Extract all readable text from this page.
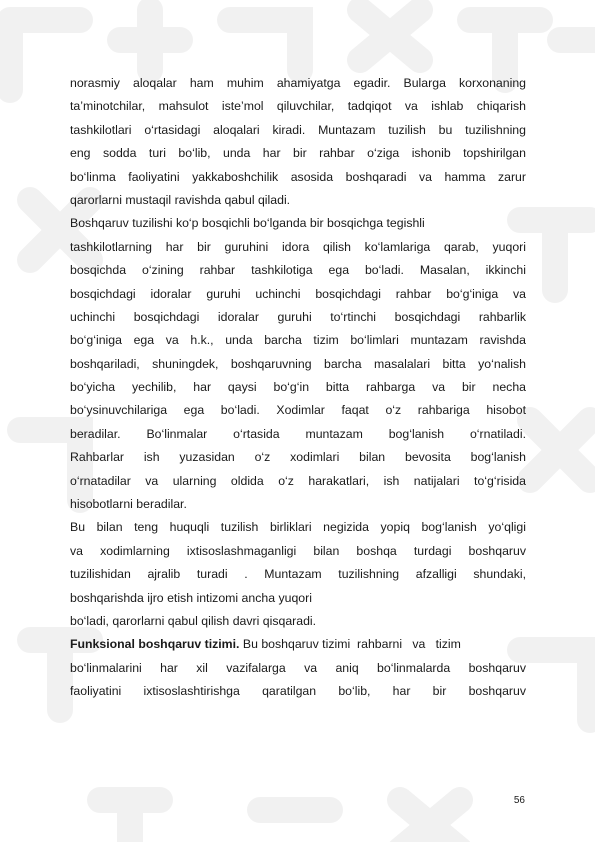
norasmiy aloqalar ham muhim ahamiyatga egadir. Bularga korxonaning
ta’minotchilar, mahsulot iste’mol qiluvchilar, tadqiqot va ishlab chiqarish
tashkilotlari o‘rtasidagi aloqalari kiradi. Muntazam tuzilish bu tuzilishning
eng sodda turi bo‘lib, unda har bir rahbar o‘ziga ishonib topshirilgan
bo‘linma faoliyatini yakkaboshchilik asosida boshqaradi va hamma zarur
qarorlarni mustaqil ravishda qabul qiladi.
Boshqaruv tuzilishi ko‘p bosqichli bo‘lganda bir bosqichga tegishli
tashkilotlarning har bir guruhini idora qilish ko‘lamlariga qarab, yuqori
bosqichda o‘zining rahbar tashkilotiga ega bo‘ladi. Masalan, ikkinchi
bosqichdagi idoralar guruhi uchinchi bosqichdagi rahbar bo‘g‘iniga va
uchinchi bosqichdagi idoralar guruhi to‘rtinchi bosqichdagi rahbarlik
bo‘g‘iniga ega va h.k., unda barcha tizim bo‘limlari muntazam ravishda
boshqariladi, shuningdek, boshqaruvning barcha masalalari bitta yo‘nalish
bo‘yicha yechilib, har qaysi bo‘g‘in bitta rahbarga va bir necha
bo‘ysinuvchilariga ega bo‘ladi. Xodimlar faqat o‘z rahbariga hisobot
beradilar. Bo‘linmalar o‘rtasida muntazam bog‘lanish o‘rnatiladi.
Rahbarlar ish yuzasidan o‘z xodimlari bilan bevosita bog‘lanish
o‘rnatadilar va ularning oldida o‘z harakatlari, ish natijalari to‘g‘risida
hisobotlarni beradilar.
Bu bilan teng huquqli tuzilish birliklari negizida yopiq bog‘lanish yo‘qligi
va xodimlarning ixtisoslashmaganligi bilan boshqa turdagi boshqaruv
tuzilishidan ajralib turadi . Muntazam tuzilishning afzalligi shundaki,
boshqarishda ijro etish intizomi ancha yuqori
bo‘ladi, qarorlarni qabul qilish davri qisqaradi.
Funksional boshqaruv tizimi. Bu boshqaruv tizimi  rahbarni   va   tizim
bo‘linmalarini har xil vazifalarga va aniq bo‘linmalarda boshqaruv
faoliyatini ixtisoslashtirishga qaratilgan bo‘lib, har bir boshqaruv
56
